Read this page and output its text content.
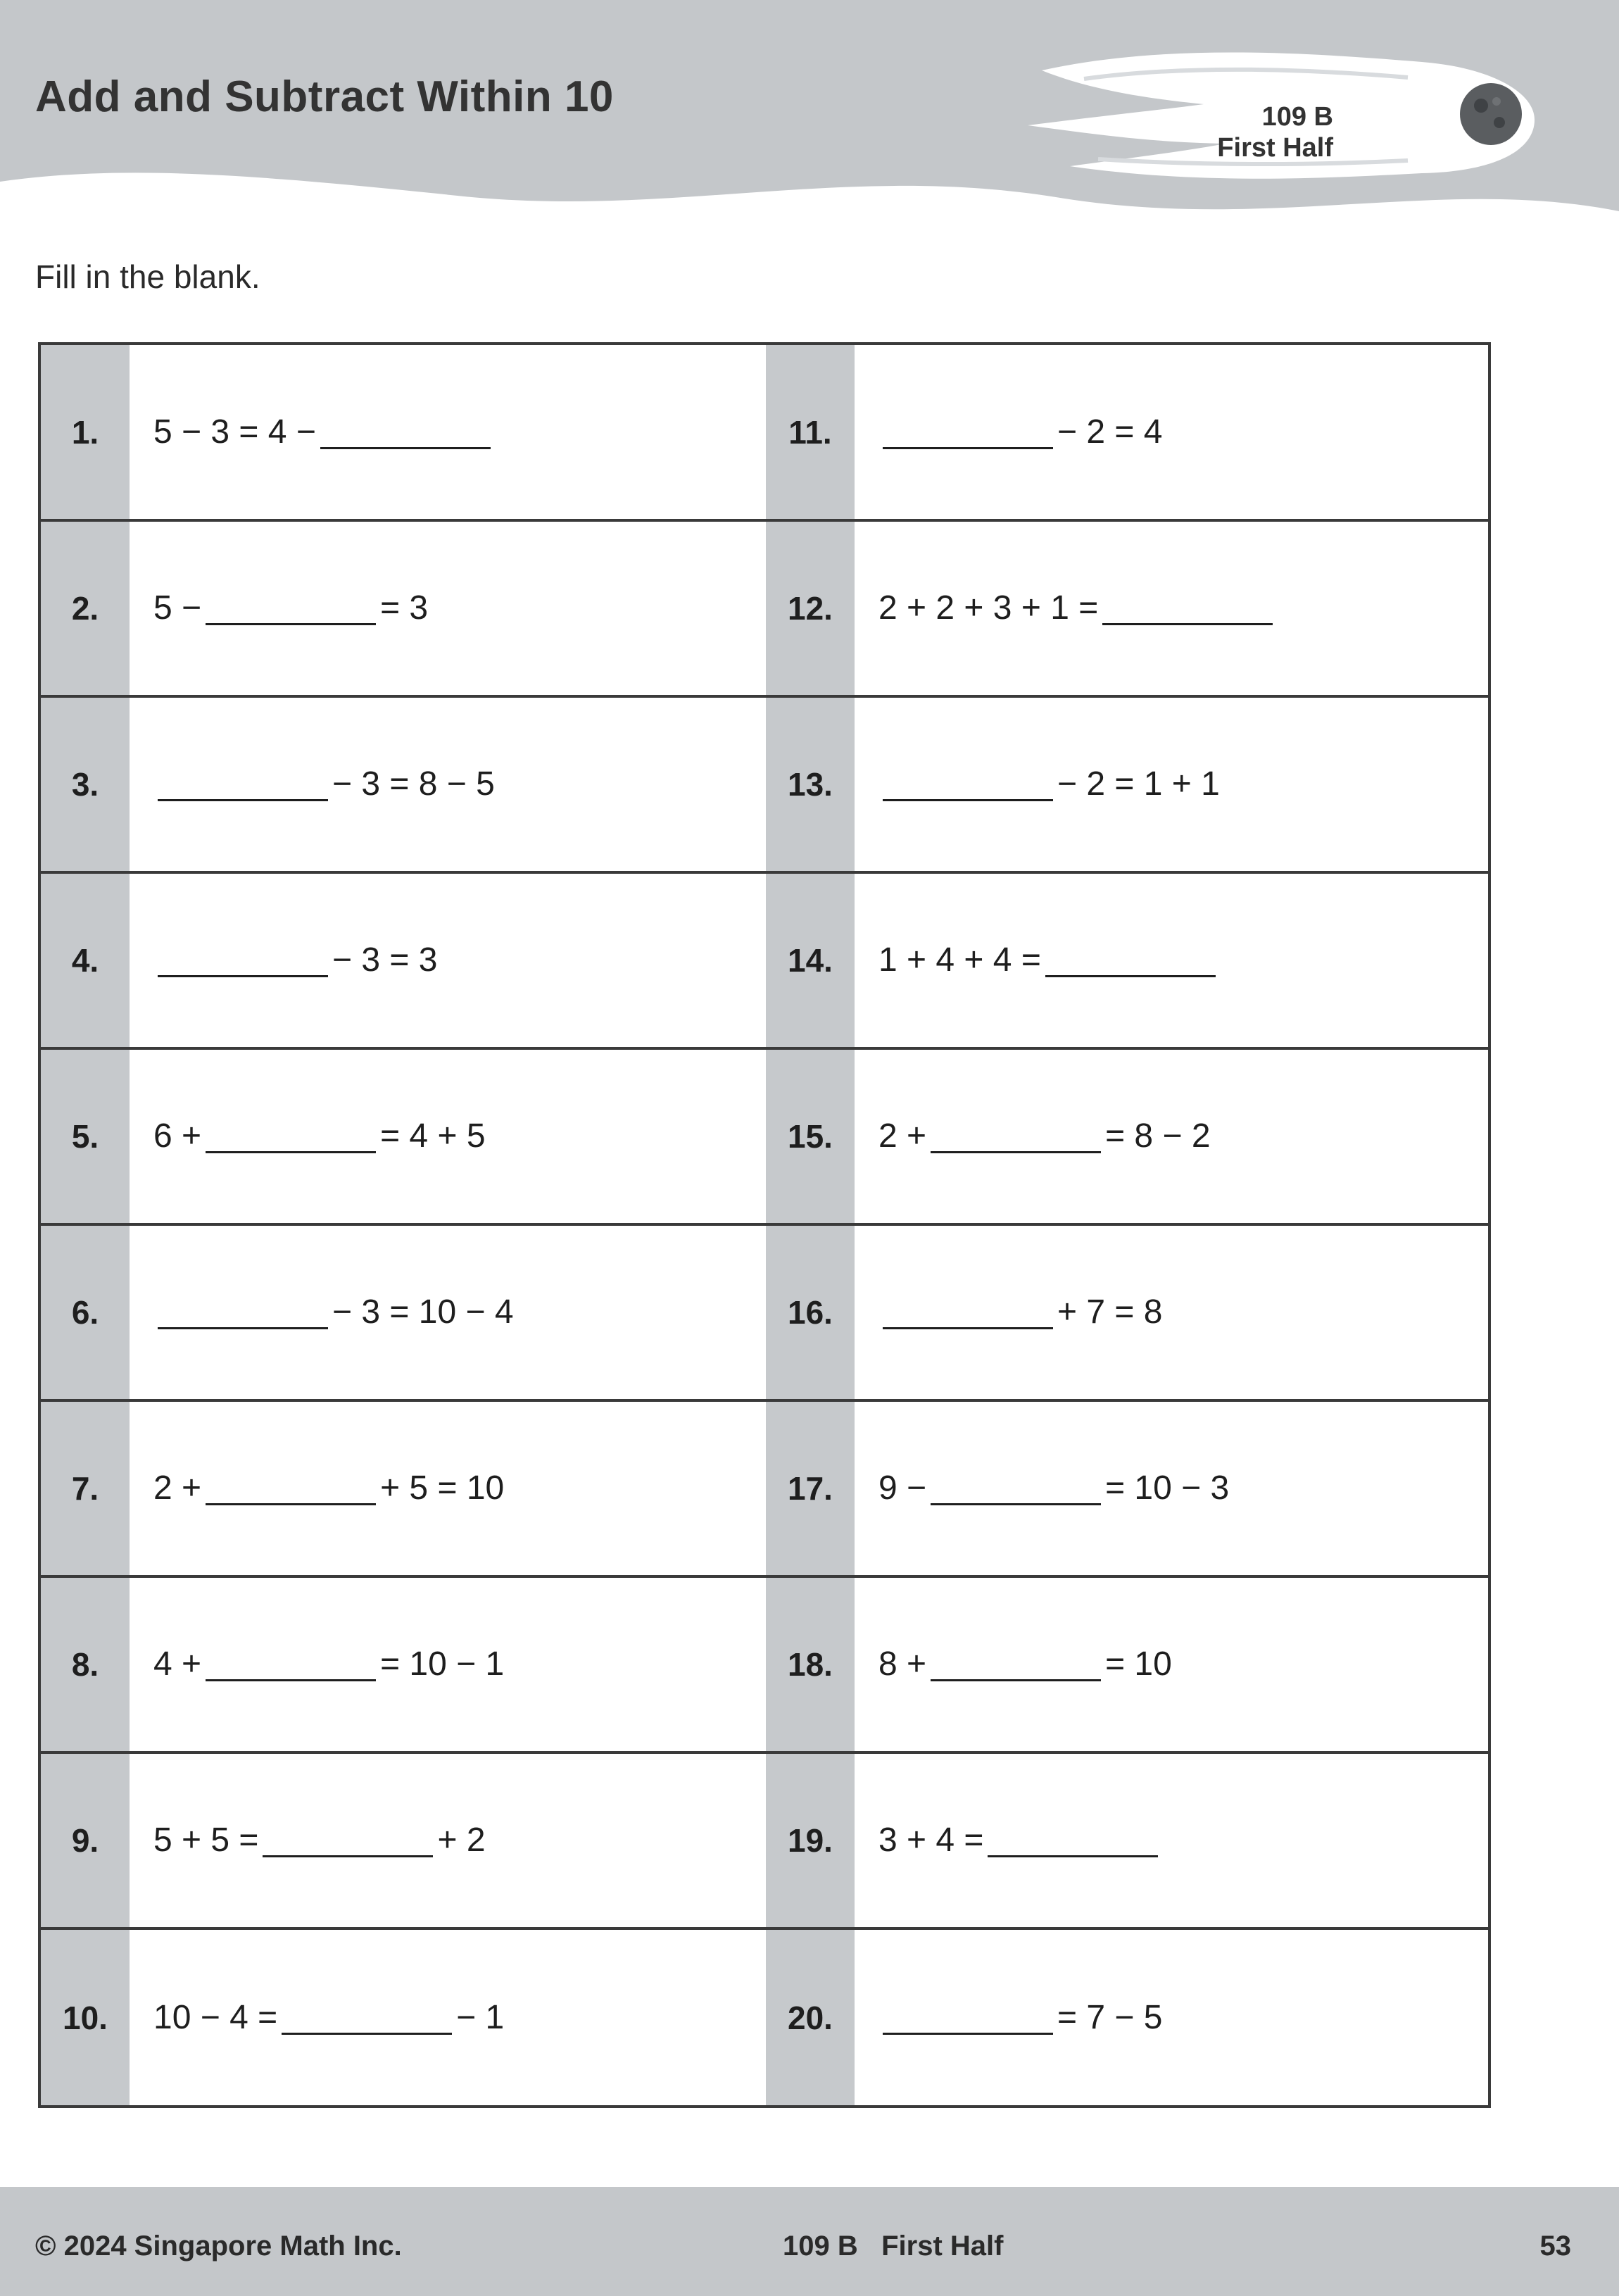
Add and Subtract Within 10	109 B
First Half
Fill in the blank.
1.	5 − 3 = 4 −	11.	− 2 = 4
2.	5 −	= 3	12.	2 + 2 + 3 + 1 =
3.	− 3 = 8 − 5	13.	− 2 = 1 + 1
4.	− 3 = 3	14.	1 + 4 + 4 =
5.	6 +	= 4 + 5	15.	2 +	= 8 − 2
6.	− 3 = 10 − 4	16.	+ 7 = 8
7.	2 +	+ 5 = 10	17.	9 −	= 10 − 3
8.	4 +	= 10 − 1	18.	8 +	= 10
9.	5 + 5 =	+ 2	19.	3 + 4 =
10.	10 − 4 =	− 1	20.	= 7 − 5
© 2024 Singapore Math Inc.	109 B   First Half	53
